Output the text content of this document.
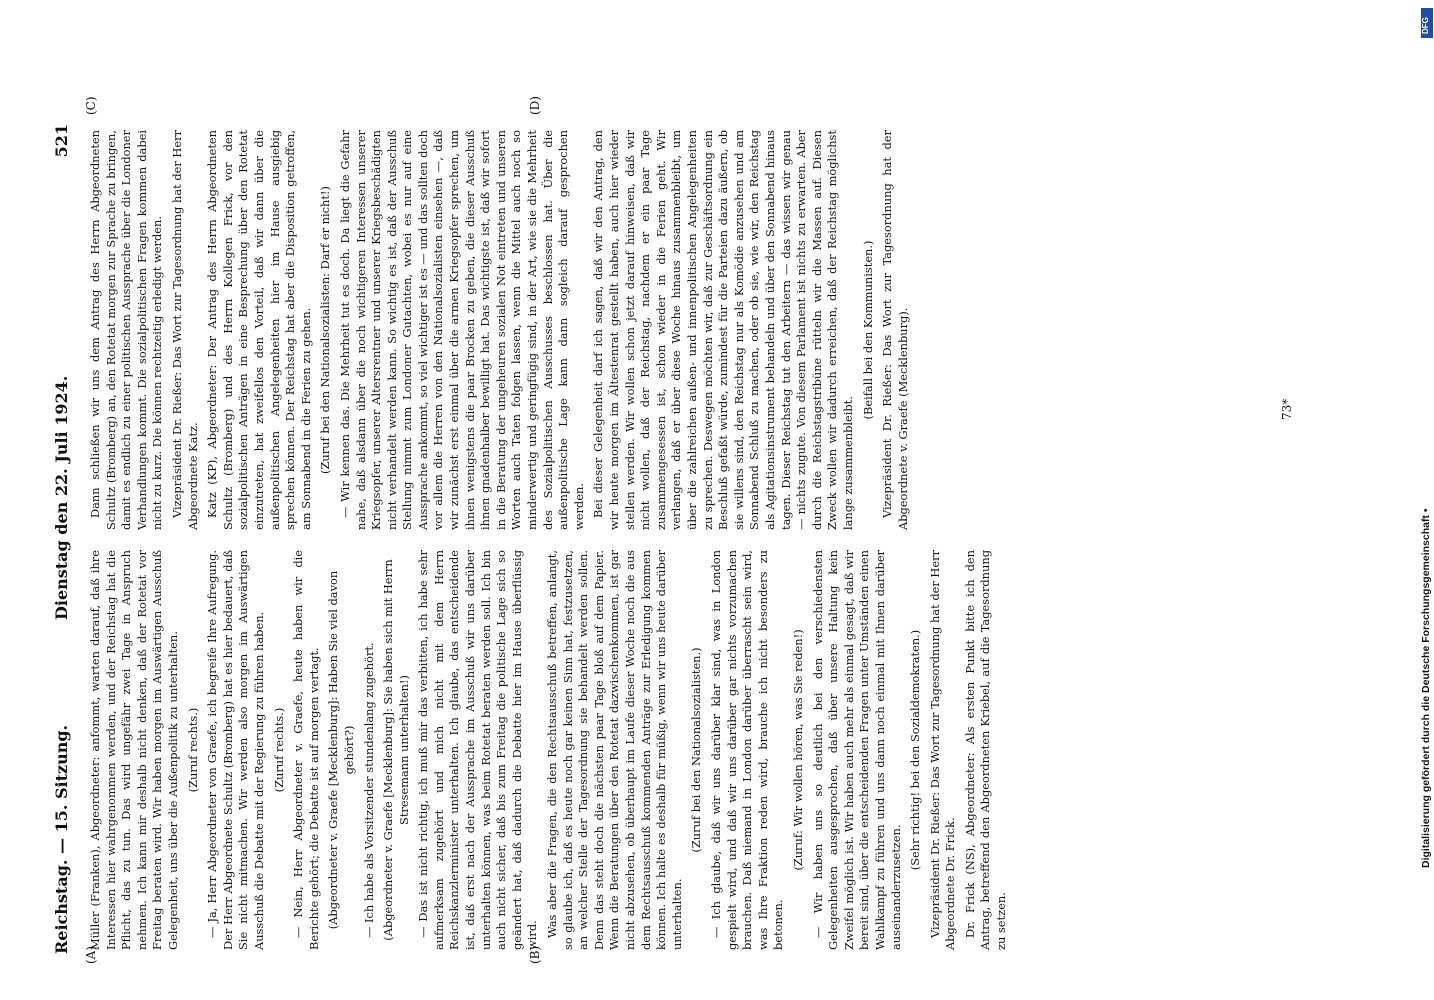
Reichstag. — 15. Sitzung.
Dienstag den 22. Juli 1924.
521
(A)	(B)
(C)	(D)

Müller (Franken), Abgeordneter: anfommt, warten darauf, daß ihre Interessen hier wahrgenommen werden, und der Reichstag hat die Pflicht, das zu tun. Das wird ungefähr zwei Tage in Anspruch nehmen. Ich kann mir deshalb nicht denken, daß der Rotetat vor Freitag beraten wird. Wir haben morgen im Auswärtigen Ausschuß Gelegenheit, uns über die Außenpolitik zu unterhalten. (Zuruf rechts.) — Ja, Herr Abgeordneter von Graefe, ich begreife Ihre Aufregung. Der Herr Abgeordnete Schultz (Bromberg) hat es hier bedauert, daß Sie nicht mitmachen. Wir werden also morgen im Auswärtigen Ausschuß die Debatte mit der Regierung zu führen haben. (Zuruf rechts.) — Nein, Herr Abgeordneter v. Graefe, heute haben wir die Berichte gehört; die Debatte ist auf morgen vertagt. (Abgeordneter v. Graefe [Mecklenburg]: Haben Sie viel davon gehört?) — Ich habe als Vorsitzender stundenlang zugehört. (Abgeordneter v. Graefe [Mecklenburg]: Sie haben sich mit Herrn Stresemann unterhalten!) — Das ist nicht richtig, ich muß mir das verbitten, ich habe sehr aufmerksam zugehört und mich nicht mit dem Herrn Reichskanzlerminister unterhalten. Ich glaube, das entscheidende ist, daß erst nach der Aussprache im Ausschuß wir uns darüber unterhalten können, was beim Rotetat beraten werden soll. Ich bin auch nicht sicher, daß bis zum Freitag die politische Lage sich so geändert hat, daß dadurch die Debatte hier im Hause überflüssig wird. Was aber die Fragen, die den Rechtsausschuß betreffen, anlangt, so glaube ich, daß es heute noch gar keinen Sinn hat, festzusetzen, an welcher Stelle der Tagesordnung sie behandelt werden sollen. Denn das steht doch die nächsten paar Tage bloß auf dem Papier. Wenn die Beratungen über den Rotetat dazwischenkommen, ist gar nicht abzusehen, ob überhaupt im Laufe dieser Woche noch die aus dem Rechtsausschuß kommenden Anträge zur Erledigung kommen können. Ich halte es deshalb für müßig, wenn wir uns heute darüber unterhalten.

(Zuruf bei den Nationalsozialisten.) — Ich glaube, daß wir uns darüber klar sind, was in London gespielt wird, und daß wir uns darüber gar nichts vorzumachen brauchen. Daß niemand in London darüber überrascht sein wird, was Ihre Fraktion reden wird, brauche ich nicht besonders zu betonen.

(Zuruf: Wir wollen hören, was Sie reden!) — Wir haben uns so deutlich bei den verschiedensten Gelegenheiten ausgesprochen, daß über unsere Haltung kein Zweifel möglich ist. Wir haben auch mehr als einmal gesagt, daß wir bereit sind, über die entscheidenden Fragen unter Umständen einen Wahlkampf zu führen und uns dann noch einmal mit Ihnen darüber auseinanderzusetzen.

(Sehr richtig! bei den Sozialdemokraten.) Vizepräsident Dr. Rießer: Das Wort zur Tagesordnung hat der Herr Abgeordnete Dr. Frick. Dr. Frick (NS), Abgeordneter: Als ersten Punkt bitte ich den Antrag, betreffend den Abgeordneten Kriebel, auf die Tagesordnung zu setzen.

Dann schließen wir uns dem Antrag des Herrn Abgeordneten Schultz (Bromberg) an, den Rotetat morgen zur Sprache zu bringen, damit es endlich zu einer politischen Aussprache über die Londoner Verhandlungen kommt. Die sozialpolitischen Fragen kommen dabei nicht zu kurz. Die können rechtzeitig erledigt werden. Vizepräsident Dr. Rießer: Das Wort zur Tagesordnung hat der Herr Abgeordnete Katz. Katz (KP), Abgeordneter: Der Antrag des Herrn Abgeordneten Schultz (Bromberg) und des Herrn Kollegen Frick, vor den sozialpolitischen Anträgen in eine Besprechung über den Rotetat einzutreten, hat zweifellos den Vorteil, daß wir dann über die außenpolitischen Angelegenheiten hier im Hause ausgiebig sprechen können. Der Reichstag hat aber die Disposition getroffen, am Sonnabend in die Ferien zu gehen. (Zuruf bei den Nationalsozialisten: Darf er nicht!) — Wir kennen das. Die Mehrheit tut es doch. Da liegt die Gefahr nahe, daß alsdann über die noch wichtigeren Interessen unserer Kriegsopfer, unserer Altersrentner und unserer Kriegsbeschädigten nicht verhandelt werden kann. So wichtig es ist, daß der Ausschuß Stellung nimmt zum Londoner Gutachten, wobei es nur auf eine Aussprache ankommt, so viel wichtiger ist es — und das sollten doch vor allem die Herren von den Nationalsozialisten einsehen —, daß wir zunächst erst einmal über die armen Kriegsopfer sprechen, um ihnen wenigstens die paar Brocken zu geben, die dieser Ausschuß ihnen gnadenhalber bewilligt hat. Das wichtigste ist, daß wir sofort in die Beratung der ungeheuren sozialen Not eintreten und unseren Worten auch Taten folgen lassen, wenn die Mittel auch noch so minderwertig und geringfügig sind, in der Art, wie sie die Mehrheit des Sozialpolitischen Ausschusses beschlossen hat. Über die außenpolitische Lage kann dann sogleich darauf gesprochen werden. Bei dieser Gelegenheit darf ich sagen, daß wir den Antrag, den wir heute morgen im Ältestenrat gestellt haben, auch hier wieder stellen werden. Wir wollen schon jetzt darauf hinweisen, daß wir nicht wollen, daß der Reichstag, nachdem er ein paar Tage zusammengesessen ist, schon wieder in die Ferien geht. Wir verlangen, daß er über diese Woche hinaus zusammenbleibt, um über die zahlreichen außen- und innenpolitischen Angelegenheiten zu sprechen. Deswegen möchten wir, daß zur Geschäftsordnung ein Beschluß gefaßt würde, zumindest für die Parteien dazu äußern, ob sie willens sind, den Reichstag nur als Komödie anzusehen und am Sonnabend Schluß zu machen, oder ob sie, wie wir, den Reichstag als Agitationsinstrument behandeln und über den Sonnabend hinaus tagen. Dieser Reichstag tut den Arbeitern — das wissen wir genau — nichts zugute. Von diesem Parlament ist nichts zu erwarten. Aber durch die Reichstagstribüne rütteln wir die Massen auf. Diesen Zweck wollen wir dadurch erreichen, daß der Reichstag möglichst lange zusammenbleibt.

(Beifall bei den Kommunisten.) Vizepräsident Dr. Rießer: Das Wort zur Tagesordnung hat der Abgeordnete v. Graefe (Mecklenburg).	73*
DFG
Digitalisierung gefördert durch die Deutsche Forschungsgemeinschaft •
